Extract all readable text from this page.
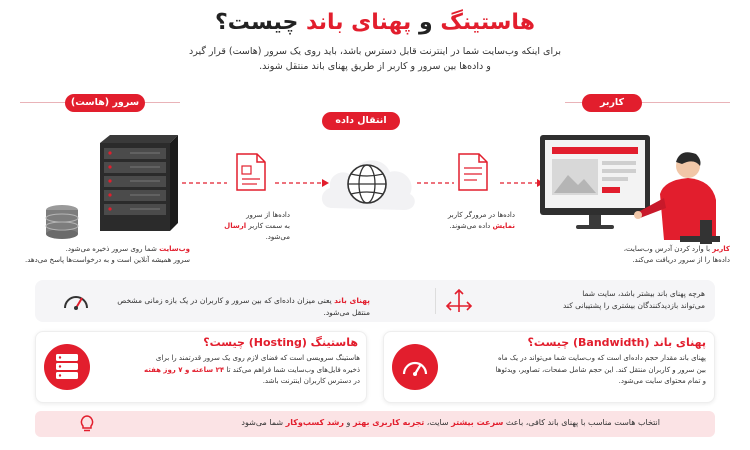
هاستینگ و پهنای باند چیست؟
برای اینکه وب‌سایت شما در اینترنت قابل دسترس باشد، باید روی یک سرور (هاست) قرار گیرد
و داده‌ها بین سرور و کاربر از طریق پهنای باند منتقل شوند.
سرور (هاست)
انتقال داده
کاربر
وب‌سایت شما روی سرور ذخیره می‌شود.
سرور همیشه آنلاین است و به درخواست‌ها پاسخ می‌دهد.
داده‌ها از سرور
به سمت کاربر ارسال می‌شود.
داده‌ها در مرورگر کاربر
نمایش داده می‌شوند.
کاربر با وارد کردن آدرس وب‌سایت،
داده‌ها را از سرور دریافت می‌کند.
پهنای باند یعنی میزان داده‌ای که بین سرور و کاربران در یک بازه زمانی مشخص منتقل می‌شود.
هرچه پهنای باند بیشتر باشد، سایت شما
می‌تواند بازدیدکنندگان بیشتری را پشتیبانی کند
هاستینگ (Hosting) چیست؟
هاستینگ سرویسی است که فضای لازم روی یک سرور قدرتمند را برای
ذخیره فایل‌های وب‌سایت شما فراهم می‌کند تا ۲۴ ساعته و ۷ روز هفته
در دسترس کاربران اینترنت باشد.
پهنای باند (Bandwidth) چیست؟
پهنای باند مقدار حجم داده‌ای است که وب‌سایت شما می‌تواند در یک ماه
بین سرور و کاربران منتقل کند. این حجم شامل صفحات، تصاویر، ویدئوها
و تمام محتوای سایت می‌شود.
انتخاب هاست مناسب با پهنای باند کافی، باعث سرعت بیشتر سایت، تجربه کاربری بهتر و رشد کسب‌وکار شما می‌شود
